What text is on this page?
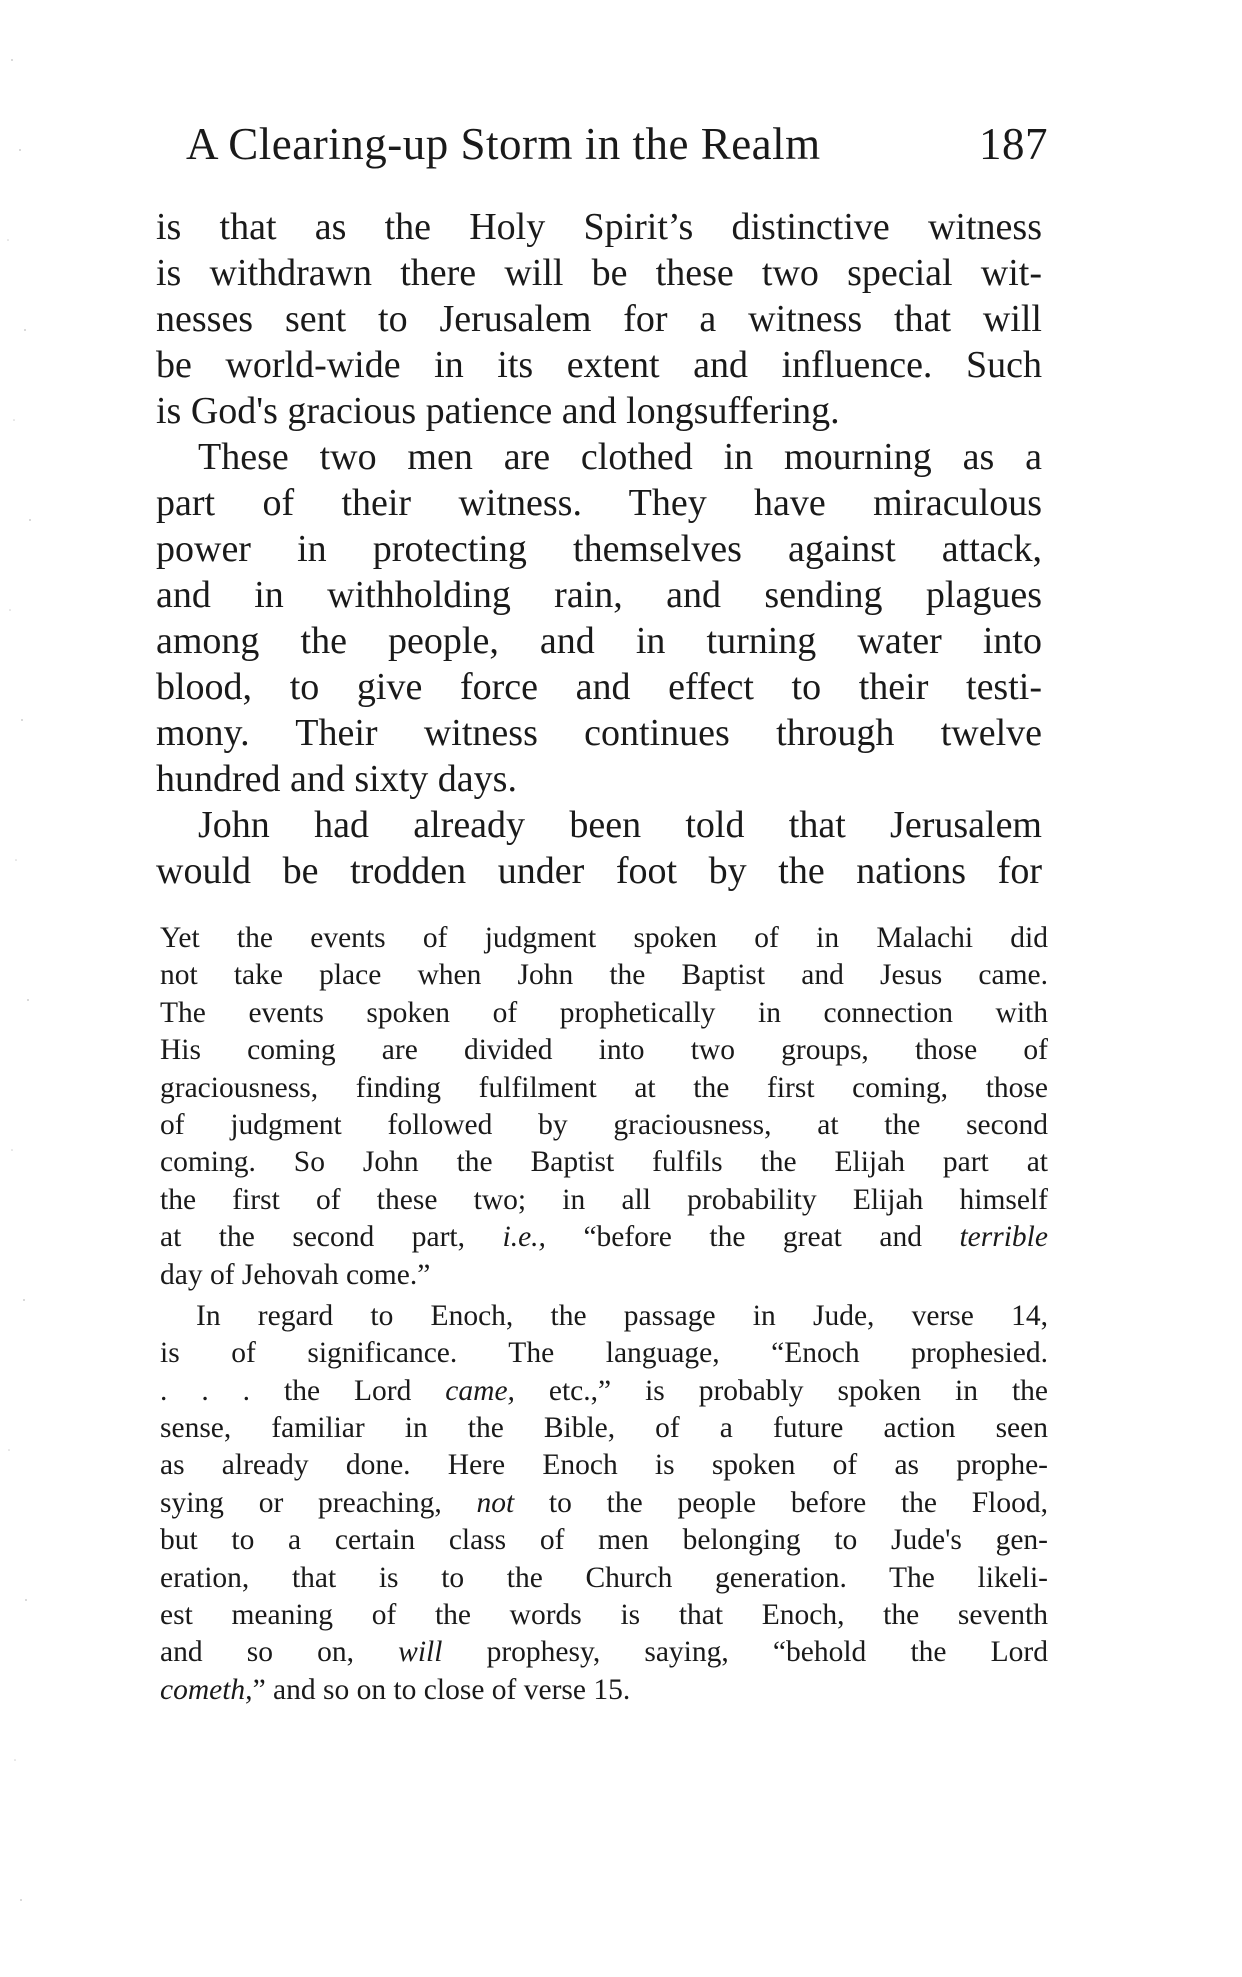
A Clearing-up Storm in the Realm	187
is that as the Holy Spirit’s distinctive witness
is withdrawn there will be these two special wit-
nesses sent to Jerusalem for a witness that will
be world-wide in its extent and influence. Such
is God's gracious patience and longsuffering.
These two men are clothed in mourning as a
part of their witness. They have miraculous
power in protecting themselves against attack,
and in withholding rain, and sending plagues
among the people, and in turning water into
blood, to give force and effect to their testi-
mony. Their witness continues through twelve
hundred and sixty days.
John had already been told that Jerusalem
would be trodden under foot by the nations for
Yet the events of judgment spoken of in Malachi did
not take place when John the Baptist and Jesus came.
The events spoken of prophetically in connection with
His coming are divided into two groups, those of
graciousness, finding fulfilment at the first coming, those
of judgment followed by graciousness, at the second
coming. So John the Baptist fulfils the Elijah part at
the first of these two; in all probability Elijah himself
at the second part, i.e., “before the great and terrible
day of Jehovah come.”
In regard to Enoch, the passage in Jude, verse 14,
is of significance. The language, “Enoch prophesied.
. . . the Lord came, etc.,” is probably spoken in the
sense, familiar in the Bible, of a future action seen
as already done. Here Enoch is spoken of as prophe-
sying or preaching, not to the people before the Flood,
but to a certain class of men belonging to Jude's gen-
eration, that is to the Church generation. The likeli-
est meaning of the words is that Enoch, the seventh
and so on, will prophesy, saying, “behold the Lord
cometh,” and so on to close of verse 15.
